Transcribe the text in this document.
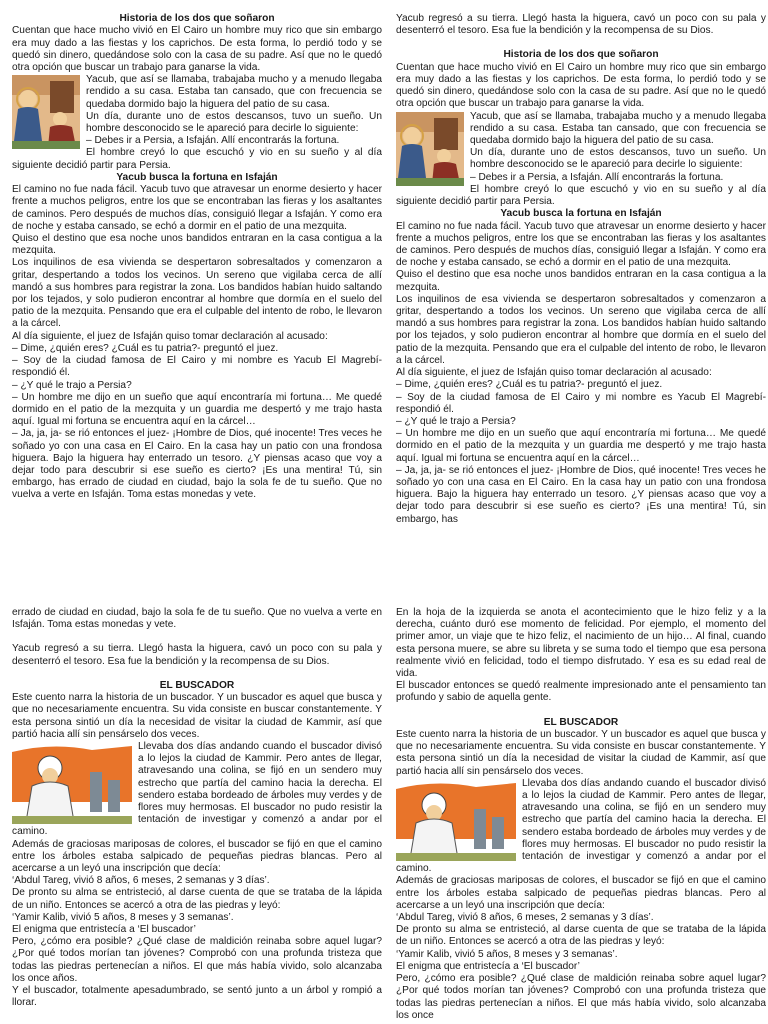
Historia de los dos que soñaron

Cuentan que hace mucho vivió en El Cairo un hombre muy rico que sin embargo era muy dado a las fiestas y los caprichos. De esta forma, lo perdió todo y se quedó sin dinero, quedándose solo con la casa de su padre. Así que no le quedó otra opción que buscar un trabajo para ganarse la vida.

Yacub, que así se llamaba, trabajaba mucho y a menudo llegaba rendido a su casa. Estaba tan cansado, que con frecuencia se quedaba dormido bajo la higuera del patio de su casa.

Un día, durante uno de estos descansos, tuvo un sueño. Un hombre desconocido se le apareció para decirle lo siguiente:

– Debes ir a Persia, a Isfaján. Allí encontrarás la fortuna.

El hombre creyó lo que escuchó y vio en su sueño y al día siguiente decidió partir para Persia.

Yacub busca la fortuna en Isfaján

El camino no fue nada fácil. Yacub tuvo que atravesar un enorme desierto y hacer frente a muchos peligros, entre los que se encontraban las fieras y los asaltantes de caminos. Pero después de muchos días, consiguió llegar a Isfaján. Y como era de noche y estaba cansado, se echó a dormir en el patio de una mezquita.

Quiso el destino que esa noche unos bandidos entraran en la casa contigua a la mezquita.

Los inquilinos de esa vivienda se despertaron sobresaltados y comenzaron a gritar, despertando a todos los vecinos. Un sereno que vigilaba cerca de allí mandó a sus hombres para registrar la zona. Los bandidos habían huido saltando por los tejados, y solo pudieron encontrar al hombre que dormía en el suelo del patio de la mezquita. Pensando que era el culpable del intento de robo, le llevaron a la cárcel.

Al día siguiente, el juez de Isfaján quiso tomar declaración al acusado:

– Dime, ¿quién eres? ¿Cuál es tu patria?- preguntó el juez.

– Soy de la ciudad famosa de El Cairo y mi nombre es Yacub El Magrebí- respondió él.

– ¿Y qué le trajo a Persia?

– Un hombre me dijo en un sueño que aquí encontraría mi fortuna… Me quedé dormido en el patio de la mezquita y un guardia me despertó y me trajo hasta aquí. Igual mi fortuna se encuentra aquí en la cárcel…

– Ja, ja, ja- se rió entonces el juez- ¡Hombre de Dios, qué inocente! Tres veces he soñado yo con una casa en El Cairo. En la casa hay un patio con una frondosa higuera. Bajo la higuera hay enterrado un tesoro. ¿Y piensas acaso que voy a dejar todo para descubrir si ese sueño es cierto? ¡Es una mentira! Tú, sin embargo, has errado de ciudad en ciudad, bajo la sola fe de tu sueño. Que no vuelva a verte en Isfaján. Toma estas monedas y vete.

Yacub regresó a su tierra. Llegó hasta la higuera, cavó un poco con su pala y desenterró el tesoro. Esa fue la bendición y la recompensa de su Dios.

Historia de los dos que soñaron

Cuentan que hace mucho vivió en El Cairo un hombre muy rico que sin embargo era muy dado a las fiestas y los caprichos. De esta forma, lo perdió todo y se quedó sin dinero, quedándose solo con la casa de su padre. Así que no le quedó otra opción que buscar un trabajo para ganarse la vida.

Yacub, que así se llamaba, trabajaba mucho y a menudo llegaba rendido a su casa. Estaba tan cansado, que con frecuencia se quedaba dormido bajo la higuera del patio de su casa.

Un día, durante uno de estos descansos, tuvo un sueño. Un hombre desconocido se le apareció para decirle lo siguiente:

– Debes ir a Persia, a Isfaján. Allí encontrarás la fortuna.

El hombre creyó lo que escuchó y vio en su sueño y al día siguiente decidió partir para Persia.

Yacub busca la fortuna en Isfaján

El camino no fue nada fácil. Yacub tuvo que atravesar un enorme desierto y hacer frente a muchos peligros, entre los que se encontraban las fieras y los asaltantes de caminos. Pero después de muchos días, consiguió llegar a Isfaján. Y como era de noche y estaba cansado, se echó a dormir en el patio de una mezquita.

Quiso el destino que esa noche unos bandidos entraran en la casa contigua a la mezquita.

Los inquilinos de esa vivienda se despertaron sobresaltados y comenzaron a gritar, despertando a todos los vecinos. Un sereno que vigilaba cerca de allí mandó a sus hombres para registrar la zona. Los bandidos habían huido saltando por los tejados, y solo pudieron encontrar al hombre que dormía en el suelo del patio de la mezquita. Pensando que era el culpable del intento de robo, le llevaron a la cárcel.

Al día siguiente, el juez de Isfaján quiso tomar declaración al acusado:

– Dime, ¿quién eres? ¿Cuál es tu patria?- preguntó el juez.

– Soy de la ciudad famosa de El Cairo y mi nombre es Yacub El Magrebí- respondió él.

– ¿Y qué le trajo a Persia?

– Un hombre me dijo en un sueño que aquí encontraría mi fortuna… Me quedé dormido en el patio de la mezquita y un guardia me despertó y me trajo hasta aquí. Igual mi fortuna se encuentra aquí en la cárcel…

– Ja, ja, ja- se rió entonces el juez- ¡Hombre de Dios, qué inocente! Tres veces he soñado yo con una casa en El Cairo. En la casa hay un patio con una frondosa higuera. Bajo la higuera hay enterrado un tesoro. ¿Y piensas acaso que voy a dejar todo para descubrir si ese sueño es cierto? ¡Es una mentira! Tú, sin embargo, has

errado de ciudad en ciudad, bajo la sola fe de tu sueño. Que no vuelva a verte en Isfaján. Toma estas monedas y vete.

Yacub regresó a su tierra. Llegó hasta la higuera, cavó un poco con su pala y desenterró el tesoro. Esa fue la bendición y la recompensa de su Dios.

EL BUSCADOR

Este cuento narra la historia de un buscador. Y un buscador es aquel que busca y que no necesariamente encuentra. Su vida consiste en buscar constantemente. Y esta persona sintió un día la necesidad de visitar la ciudad de Kammir, así que partió hacia allí sin pensárselo dos veces.

Llevaba dos días andando cuando el buscador divisó a lo lejos la ciudad de Kammir. Pero antes de llegar, atravesando una colina, se fijó en un sendero muy estrecho que partía del camino hacia la derecha. El sendero estaba bordeado de árboles muy verdes y de flores muy hermosas. El buscador no pudo resistir la tentación de investigar y comenzó a andar por el camino.

Además de graciosas mariposas de colores, el buscador se fijó en que el camino entre los árboles estaba salpicado de pequeñas piedras blancas. Pero al acercarse a un leyó una inscripción que decía:

‘Abdul Tareg, vivió 8 años, 6 meses, 2 semanas y 3 días’.

De pronto su alma se entristeció, al darse cuenta de que se trataba de la lápida de un niño. Entonces se acercó a otra de las piedras y leyó:

‘Yamir Kalib, vivió 5 años, 8 meses y 3 semanas’.

El enigma que entristecía a ‘El buscador’

Pero, ¿cómo era posible? ¿Qué clase de maldición reinaba sobre aquel lugar? ¿Por qué todos morían tan jóvenes? Comprobó con una profunda tristeza que todas las piedras pertenecían a niños. El que más había vivido, solo alcanzaba los once años.

Y el buscador, totalmente apesadumbrado, se sentó junto a un árbol y rompió a llorar.

En la hoja de la izquierda se anota el acontecimiento que le hizo feliz y a la derecha, cuánto duró ese momento de felicidad. Por ejemplo, el momento del primer amor, un viaje que te hizo feliz, el nacimiento de un hijo… Al final, cuando esta persona muere, se abre su libreta y se suma todo el tiempo que esa persona realmente vivió en felicidad, todo el tiempo disfrutado. Y esa es su edad real de vida.

El buscador entonces se quedó realmente impresionado ante el pensamiento tan profundo y sabio de aquella gente.

EL BUSCADOR

Este cuento narra la historia de un buscador. Y un buscador es aquel que busca y que no necesariamente encuentra. Su vida consiste en buscar constantemente. Y esta persona sintió un día la necesidad de visitar la ciudad de Kammir, así que partió hacia allí sin pensárselo dos veces.

Llevaba dos días andando cuando el buscador divisó a lo lejos la ciudad de Kammir. Pero antes de llegar, atravesando una colina, se fijó en un sendero muy estrecho que partía del camino hacia la derecha. El sendero estaba bordeado de árboles muy verdes y de flores muy hermosas. El buscador no pudo resistir la tentación de investigar y comenzó a andar por el camino.

Además de graciosas mariposas de colores, el buscador se fijó en que el camino entre los árboles estaba salpicado de pequeñas piedras blancas. Pero al acercarse a un leyó una inscripción que decía:

‘Abdul Tareg, vivió 8 años, 6 meses, 2 semanas y 3 días’.

De pronto su alma se entristeció, al darse cuenta de que se trataba de la lápida de un niño. Entonces se acercó a otra de las piedras y leyó:

‘Yamir Kalib, vivió 5 años, 8 meses y 3 semanas’.

El enigma que entristecía a ‘El buscador’

Pero, ¿cómo era posible? ¿Qué clase de maldición reinaba sobre aquel lugar? ¿Por qué todos morían tan jóvenes? Comprobó con una profunda tristeza que todas las piedras pertenecían a niños. El que más había vivido, solo alcanzaba los once
